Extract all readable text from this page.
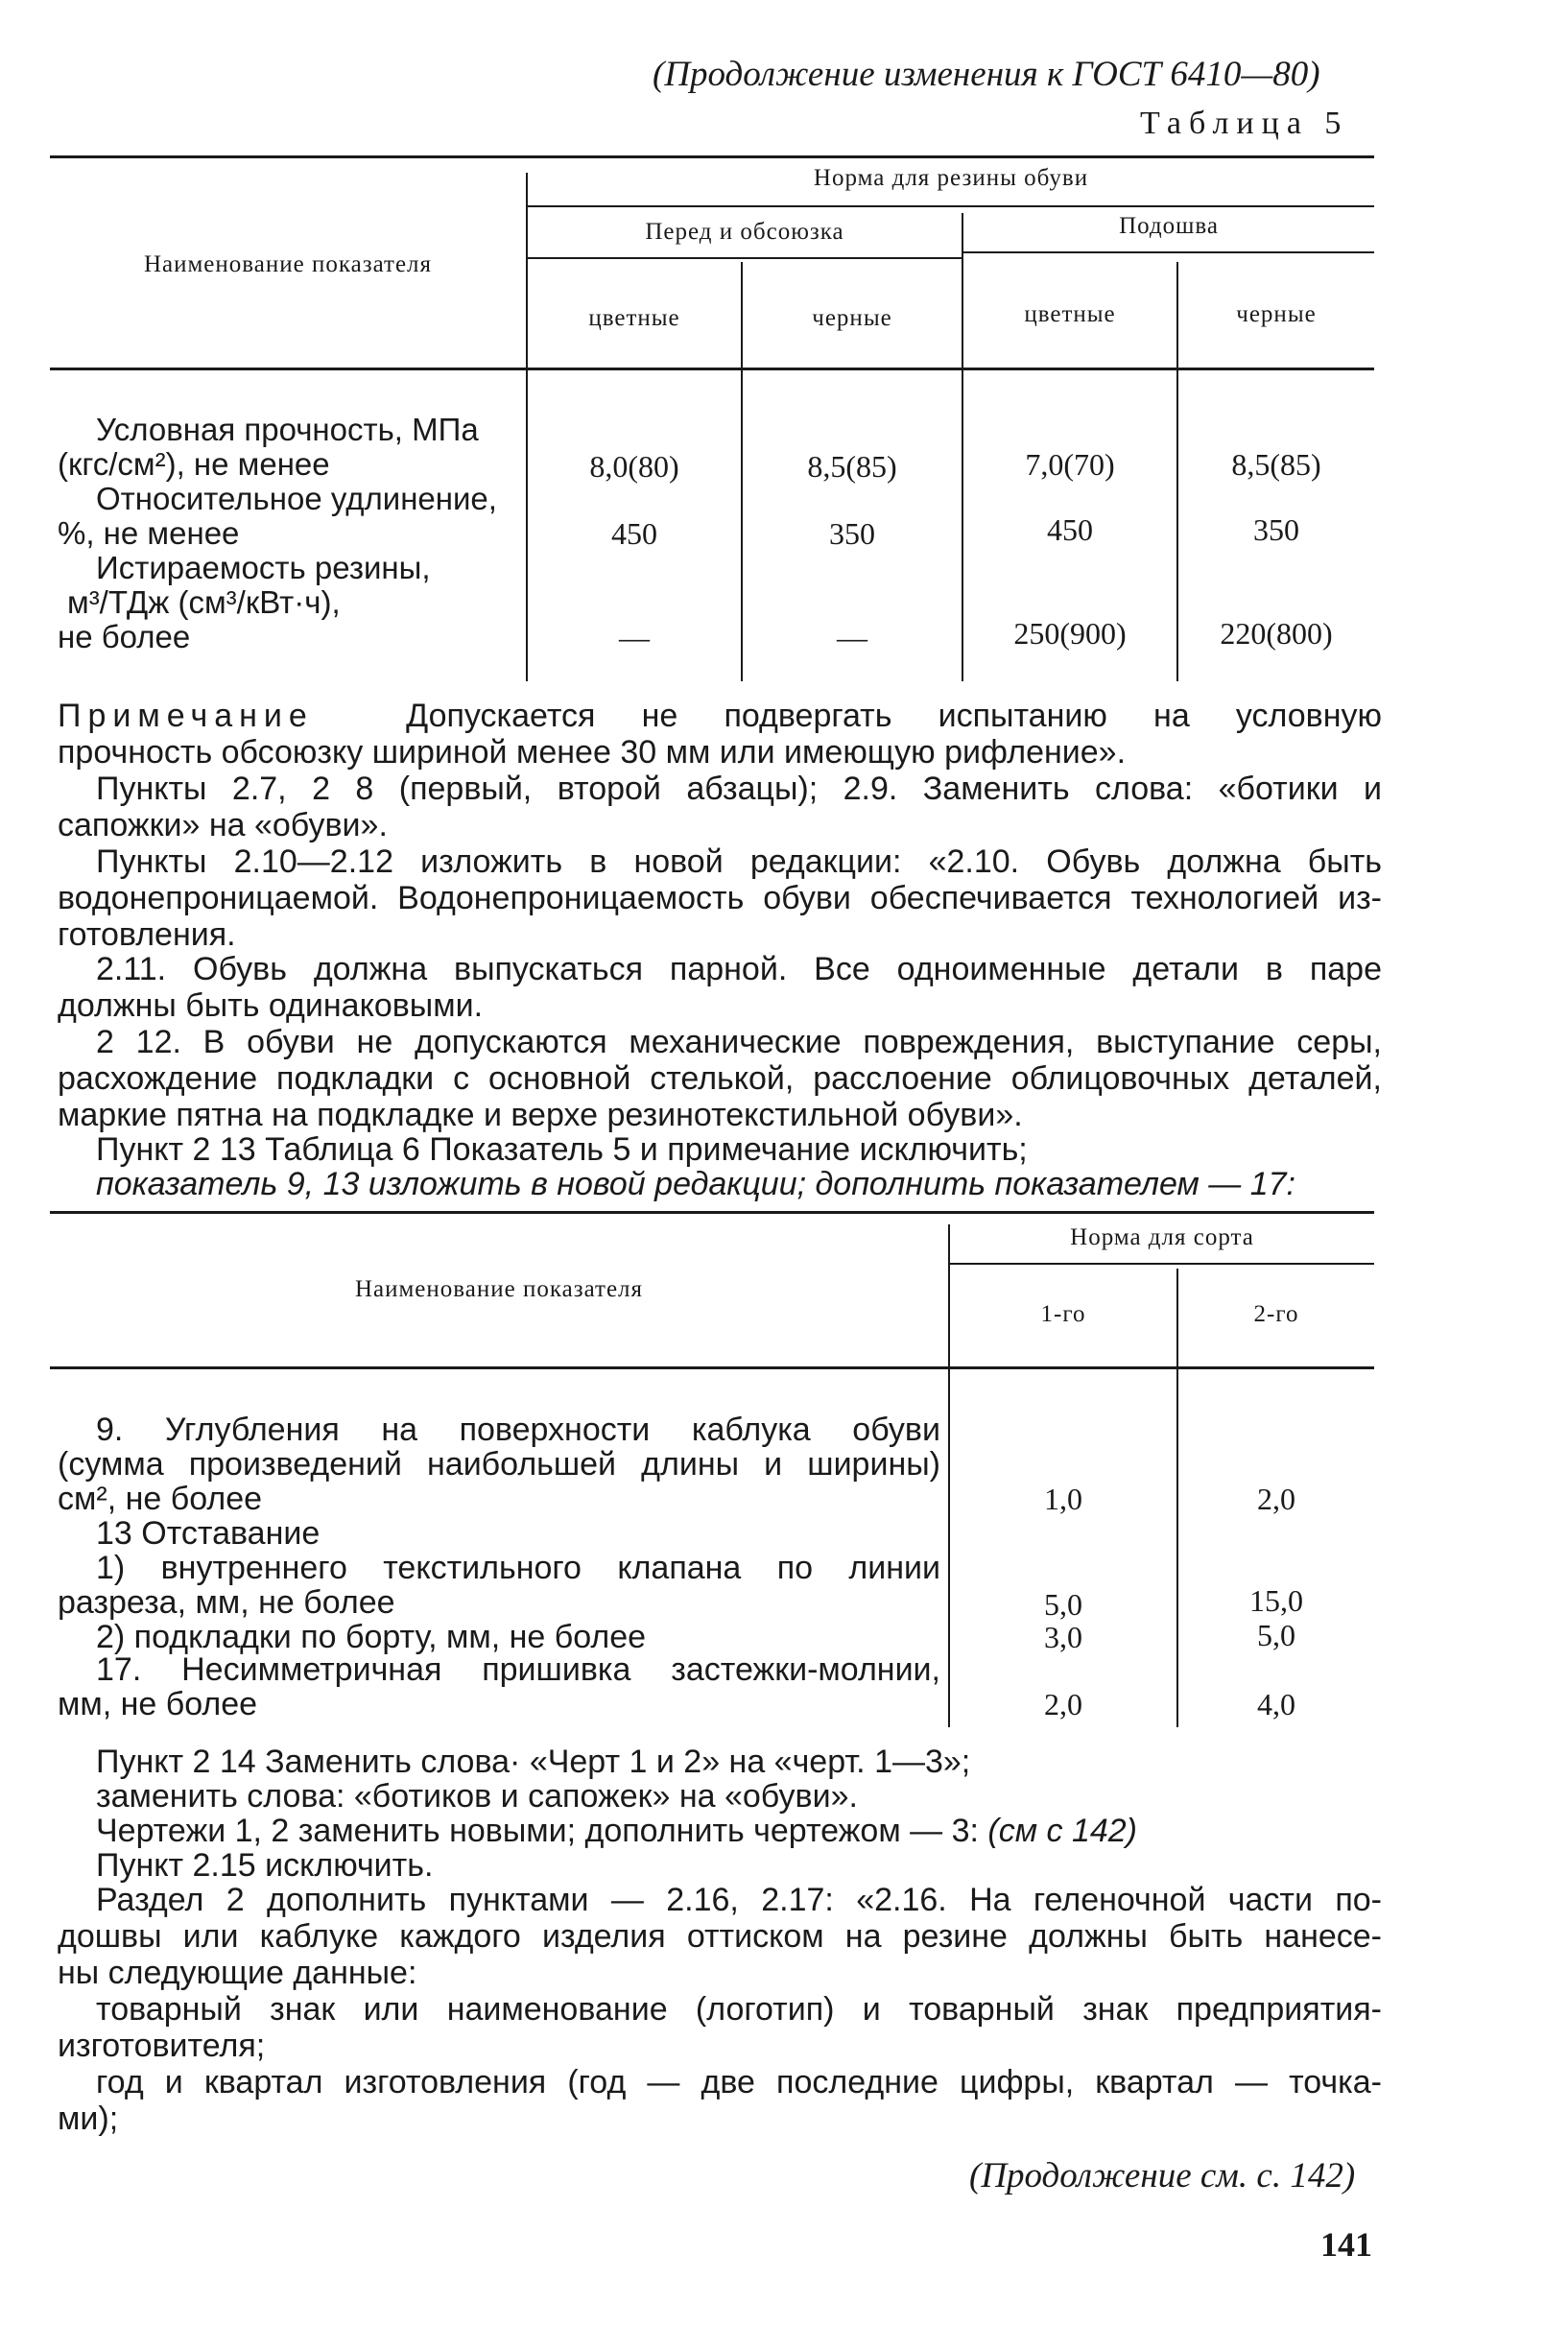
(Продолжение изменения к ГОСТ 6410—80)
Таблица 5
Наименование показателя
Норма для резины обуви
Перед и обсоюзка	Подошва
цветные	черные	цветные	черные
Условная прочность, МПа
(кгс/см²), не менее	8,0(80)	8,5(85)	7,0(70)	8,5(85)
Относительное удлинение,
%, не менее	450	350	450	350
Истираемость резины,
м³/ТДж (см³/кВт·ч),
не более	—	—	250(900)	220(800)
Примечание	Допускается не подвергать испытанию на условную
прочность обсоюзку шириной менее 30 мм или имеющую рифление».
Пункты 2.7, 2 8 (первый, второй абзацы); 2.9. Заменить слова: «ботики и
сапожки» на «обуви».
Пункты 2.10—2.12 изложить в новой редакции: «2.10. Обувь должна быть
водонепроницаемой. Водонепроницаемость обуви обеспечивается технологией из-
готовления.
2.11. Обувь должна выпускаться парной. Все одноименные детали в паре
должны быть одинаковыми.
2 12. В обуви не допускаются механические повреждения, выступание серы,
расхождение подкладки с основной стелькой, расслоение облицовочных деталей,
маркие пятна на подкладке и верхе резинотекстильной обуви».
Пункт 2 13 Таблица 6 Показатель 5 и примечание исключить;
показатель 9, 13 изложить в новой редакции; дополнить показателем — 17:
Наименование показателя
Норма для сорта
1-го	2-го
9. Углубления на поверхности каблука обуви
(сумма произведений наибольшей длины и ширины)
см², не более	1,0	2,0
13 Отставание
1) внутреннего текстильного клапана по линии
разреза, мм, не более	5,0	15,0
2) подкладки по борту, мм, не более	3,0	5,0
17. Несимметричная пришивка застежки-молнии,
мм, не более	2,0	4,0
Пункт 2 14 Заменить слова· «Черт 1 и 2» на «черт. 1—3»;
заменить слова: «ботиков и сапожек» на «обуви».
Чертежи 1, 2 заменить новыми; дополнить чертежом — 3: (см с 142)
Пункт 2.15 исключить.
Раздел 2 дополнить пунктами — 2.16, 2.17: «2.16. На геленочной части по-
дошвы или каблуке каждого изделия оттиском на резине должны быть нанесе-
ны следующие данные:
товарный знак или наименование (логотип) и товарный знак предприятия-
изготовителя;
год и квартал изготовления (год — две последние цифры, квартал — точка-
ми);
(Продолжение см. с. 142)
141
